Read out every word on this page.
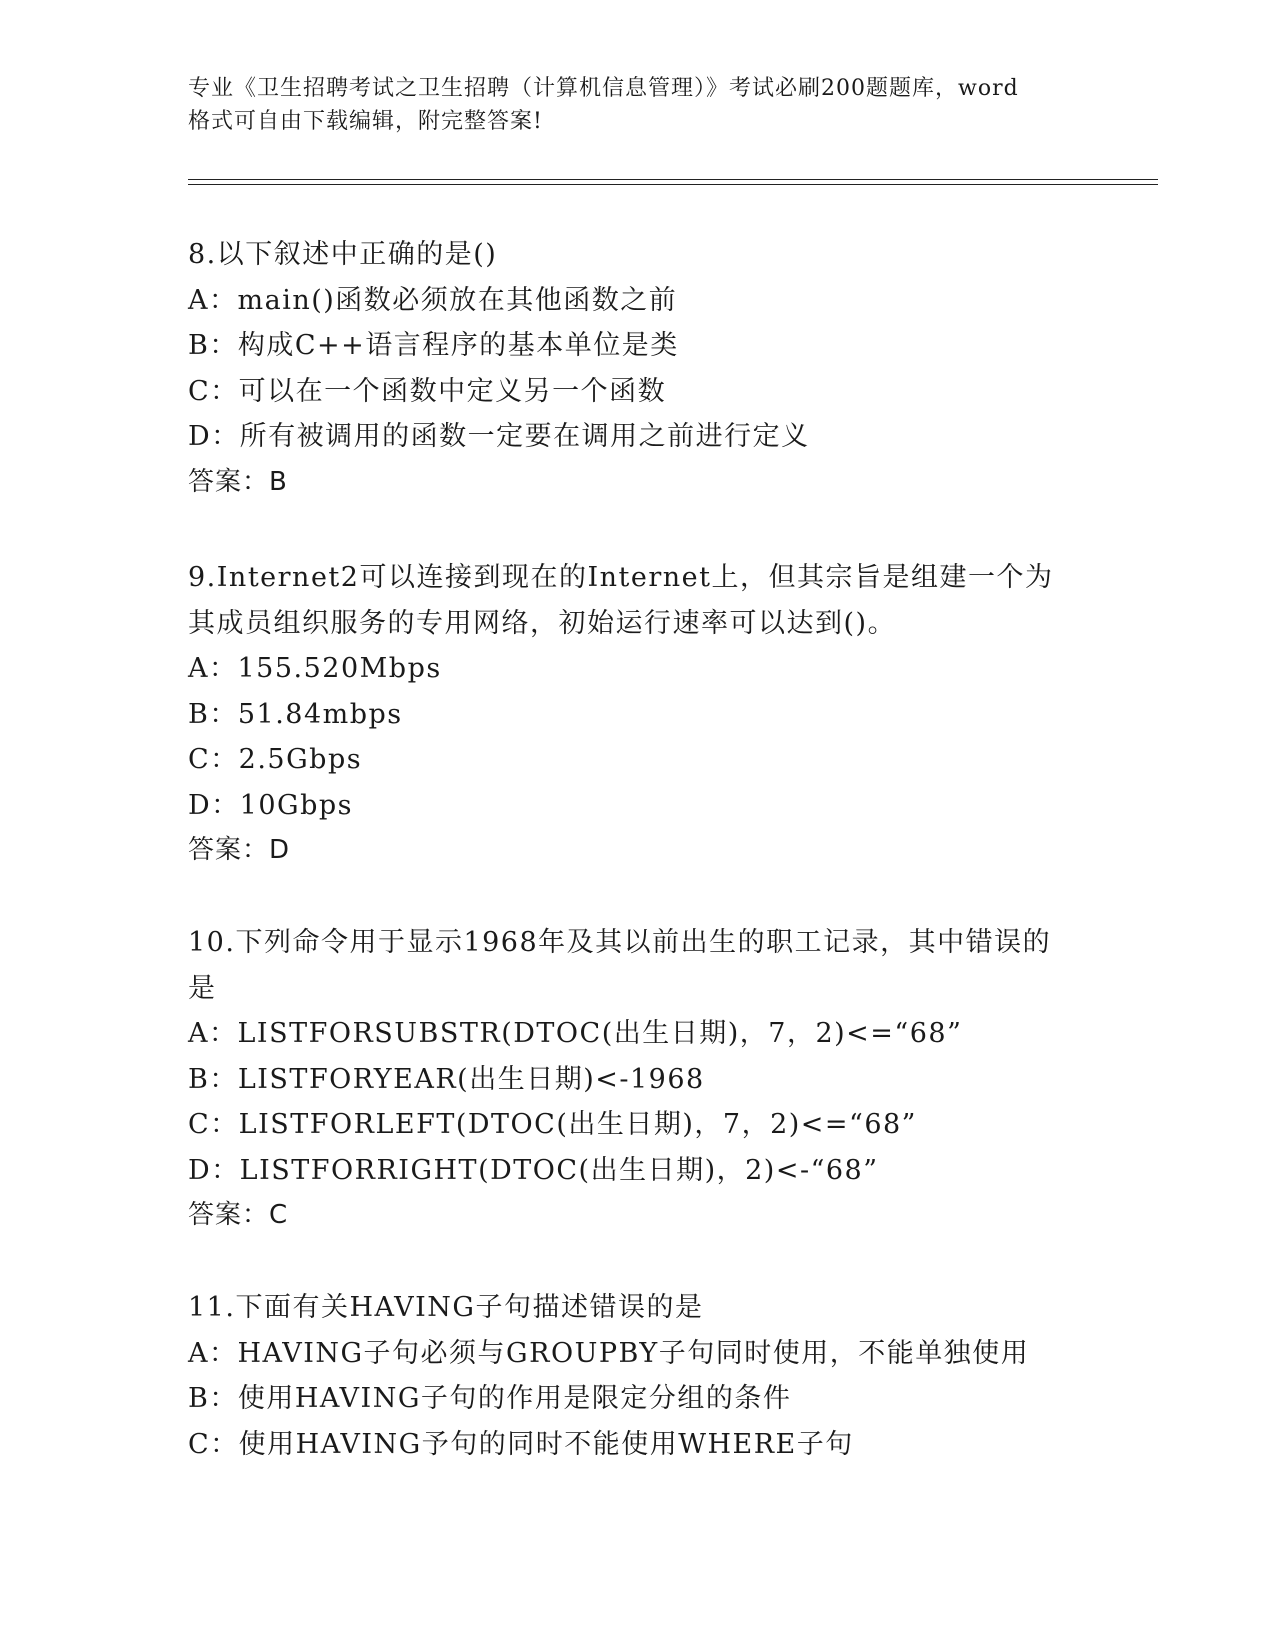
专业《卫生招聘考试之卫生招聘（计算机信息管理）》考试必刷200题题库，word
格式可自由下载编辑，附完整答案!
8.以下叙述中正确的是()
A：main()函数必须放在其他函数之前
B：构成C++语言程序的基本单位是类
C：可以在一个函数中定义另一个函数
D：所有被调用的函数一定要在调用之前进行定义
答案：B
9.Internet2可以连接到现在的Internet上，但其宗旨是组建一个为其成员组织服务的专用网络，初始运行速率可以达到()。
A：155.520Mbps
B：51.84mbps
C：2.5Gbps
D：10Gbps
答案：D
10.下列命令用于显示1968年及其以前出生的职工记录，其中错误的是
A：LISTFORSUBSTR(DTOC(出生日期)，7，2)<=“68”
B：LISTFORYEAR(出生日期)<-1968
C：LISTFORLEFT(DTOC(出生日期)，7，2)<=“68”
D：LISTFORRIGHT(DTOC(出生日期)，2)<-“68”
答案：C
11.下面有关HAVING子句描述错误的是
A：HAVING子句必须与GROUPBY子句同时使用，不能单独使用
B：使用HAVING子句的作用是限定分组的条件
C：使用HAVING予句的同时不能使用WHERE子句
